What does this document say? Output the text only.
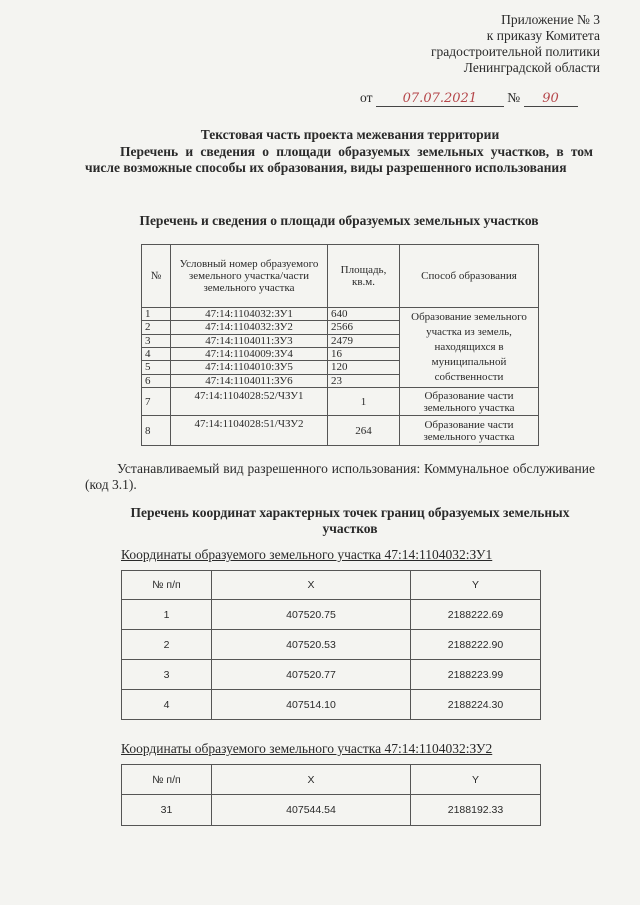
Приложение № 3
к приказу Комитета
градостроительной политики
Ленинградской области
от 07.07.2021 № 90
Текстовая часть проекта межевания территории
Перечень и сведения о площади образуемых земельных участков, в том числе возможные способы их образования, виды разрешенного использования
Перечень и сведения о площади образуемых земельных участков
№	Условный номер образуемого земельного участка/части земельного участка	Площадь, кв.м.	Способ образования
1	47:14:1104032:ЗУ1	640	Образование земельного участка из земель, находящихся в муниципальной собственности
2	47:14:1104032:ЗУ2	2566	
3	47:14:1104011:ЗУ3	2479	
4	47:14:1104009:ЗУ4	16	
5	47:14:1104010:ЗУ5	120	
6	47:14:1104011:ЗУ6	23	
7	47:14:1104028:52/ЧЗУ1	1	Образование части земельного участка
8	47:14:1104028:51/ЧЗУ2	264	Образование части земельного участка
Устанавливаемый вид разрешенного использования: Коммунальное обслуживание (код 3.1).
Перечень координат характерных точек границ образуемых земельных участков
Координаты образуемого земельного участка 47:14:1104032:ЗУ1
№ п/п	X	Y
1	407520.75	2188222.69
2	407520.53	2188222.90
3	407520.77	2188223.99
4	407514.10	2188224.30
Координаты образуемого земельного участка 47:14:1104032:ЗУ2
№ п/п	X	Y
31	407544.54	2188192.33
